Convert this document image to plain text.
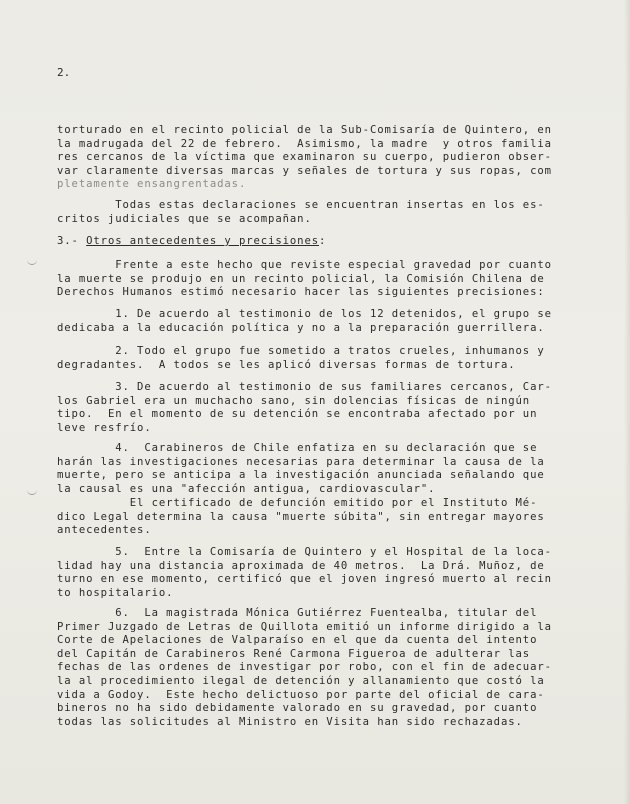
2.
torturado en el recinto policial de la Sub-Comisaría de Quintero, en
la madrugada del 22 de febrero.  Asimismo, la madre  y otros familia
res cercanos de la víctima que examinaron su cuerpo, pudieron obser-
var claramente diversas marcas y señales de tortura y sus ropas, com
pletamente ensangrentadas.
Todas estas declaraciones se encuentran insertas en los es-
critos judiciales que se acompañan.
3.- Otros antecedentes y precisiones:
Frente a este hecho que reviste especial gravedad por cuanto
la muerte se produjo en un recinto policial, la Comisión Chilena de
Derechos Humanos estimó necesario hacer las siguientes precisiones:
1. De acuerdo al testimonio de los 12 detenidos, el grupo se
dedicaba a la educación política y no a la preparación guerrillera.
2. Todo el grupo fue sometido a tratos crueles, inhumanos y
degradantes.  A todos se les aplicó diversas formas de tortura.
3. De acuerdo al testimonio de sus familiares cercanos, Car-
los Gabriel era un muchacho sano, sin dolencias físicas de ningún
tipo.  En el momento de su detención se encontraba afectado por un
leve resfrío.
4.  Carabineros de Chile enfatiza en su declaración que se
harán las investigaciones necesarias para determinar la causa de la
muerte, pero se anticipa a la investigación anunciada señalando que
la causal es una "afección antigua, cardiovascular".
El certificado de defunción emitido por el Instituto Mé-
dico Legal determina la causa "muerte súbita", sin entregar mayores
antecedentes.
5.  Entre la Comisaría de Quintero y el Hospital de la loca-
lidad hay una distancia aproximada de 40 metros.  La Drá. Muñoz, de
turno en ese momento, certificó que el joven ingresó muerto al recin
to hospitalario.
6.  La magistrada Mónica Gutiérrez Fuentealba, titular del
Primer Juzgado de Letras de Quillota emitió un informe dirigido a la
Corte de Apelaciones de Valparaíso en el que da cuenta del intento
del Capitán de Carabineros René Carmona Figueroa de adulterar las
fechas de las ordenes de investigar por robo, con el fin de adecuar-
la al procedimiento ilegal de detención y allanamiento que costó la
vida a Godoy.  Este hecho delictuoso por parte del oficial de cara-
bineros no ha sido debidamente valorado en su gravedad, por cuanto
todas las solicitudes al Ministro en Visita han sido rechazadas.
